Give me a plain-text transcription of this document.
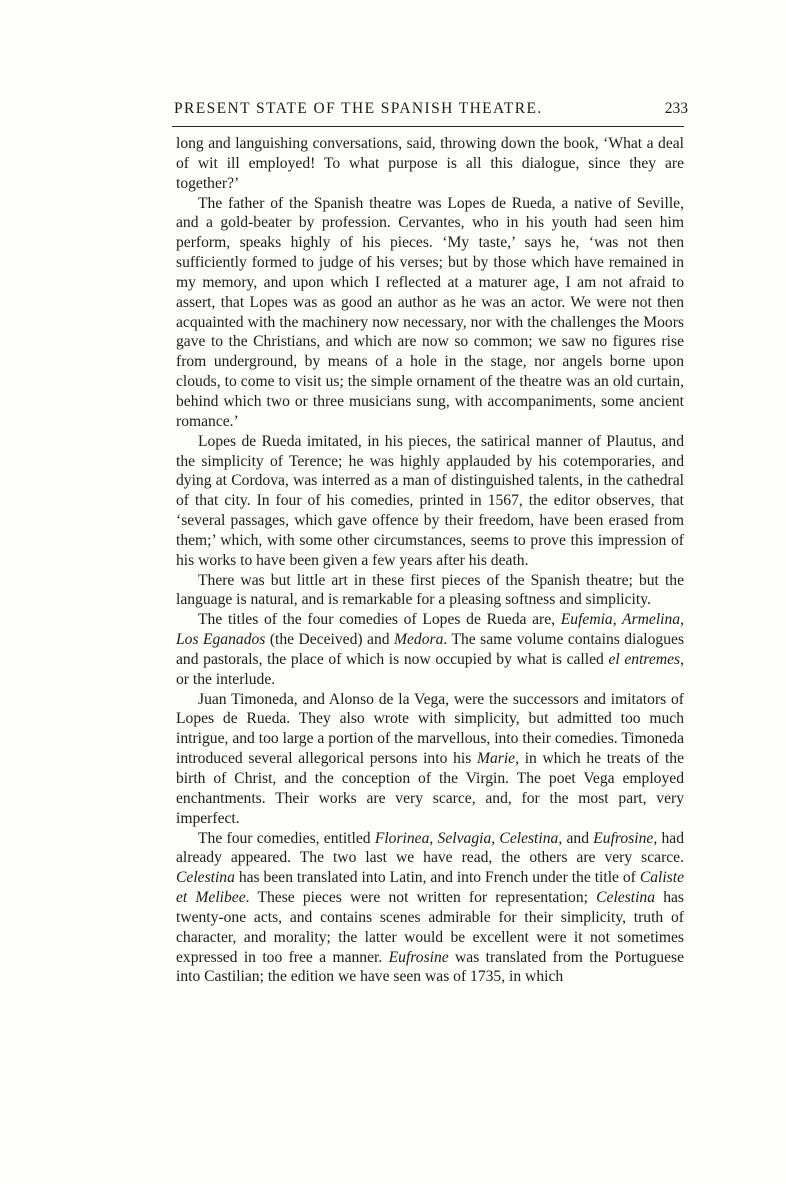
PRESENT STATE OF THE SPANISH THEATRE.	233

long and languishing conversations, said, throwing down the book, ‘What a deal of wit ill employed! To what purpose is all this dialogue, since they are together?’

The father of the Spanish theatre was Lopes de Rueda, a native of Seville, and a gold-beater by profession. Cervantes, who in his youth had seen him perform, speaks highly of his pieces. ‘My taste,’ says he, ‘was not then sufficiently formed to judge of his verses; but by those which have remained in my memory, and upon which I reflected at a maturer age, I am not afraid to assert, that Lopes was as good an author as he was an actor. We were not then acquainted with the machinery now necessary, nor with the challenges the Moors gave to the Christians, and which are now so common; we saw no figures rise from underground, by means of a hole in the stage, nor angels borne upon clouds, to come to visit us; the simple ornament of the theatre was an old curtain, behind which two or three musicians sung, with accompaniments, some ancient romance.’

Lopes de Rueda imitated, in his pieces, the satirical manner of Plautus, and the simplicity of Terence; he was highly applauded by his cotemporaries, and dying at Cordova, was interred as a man of distinguished talents, in the cathedral of that city. In four of his comedies, printed in 1567, the editor observes, that ‘several passages, which gave offence by their freedom, have been erased from them;’ which, with some other circumstances, seems to prove this impression of his works to have been given a few years after his death.

There was but little art in these first pieces of the Spanish theatre; but the language is natural, and is remarkable for a pleasing softness and simplicity.

The titles of the four comedies of Lopes de Rueda are, Eufemia, Armelina, Los Eganados (the Deceived) and Medora. The same volume contains dialogues and pastorals, the place of which is now occupied by what is called el entremes, or the interlude.

Juan Timoneda, and Alonso de la Vega, were the successors and imitators of Lopes de Rueda. They also wrote with simplicity, but admitted too much intrigue, and too large a portion of the marvellous, into their comedies. Timoneda introduced several allegorical persons into his Marie, in which he treats of the birth of Christ, and the conception of the Virgin. The poet Vega employed enchantments. Their works are very scarce, and, for the most part, very imperfect.

The four comedies, entitled Florinea, Selvagia, Celestina, and Eufrosine, had already appeared. The two last we have read, the others are very scarce. Celestina has been translated into Latin, and into French under the title of Caliste et Melibee. These pieces were not written for representation; Celestina has twenty-one acts, and contains scenes admirable for their simplicity, truth of character, and morality; the latter would be excellent were it not sometimes expressed in too free a manner. Eufrosine was translated from the Portuguese into Castilian; the edition we have seen was of 1735, in which
